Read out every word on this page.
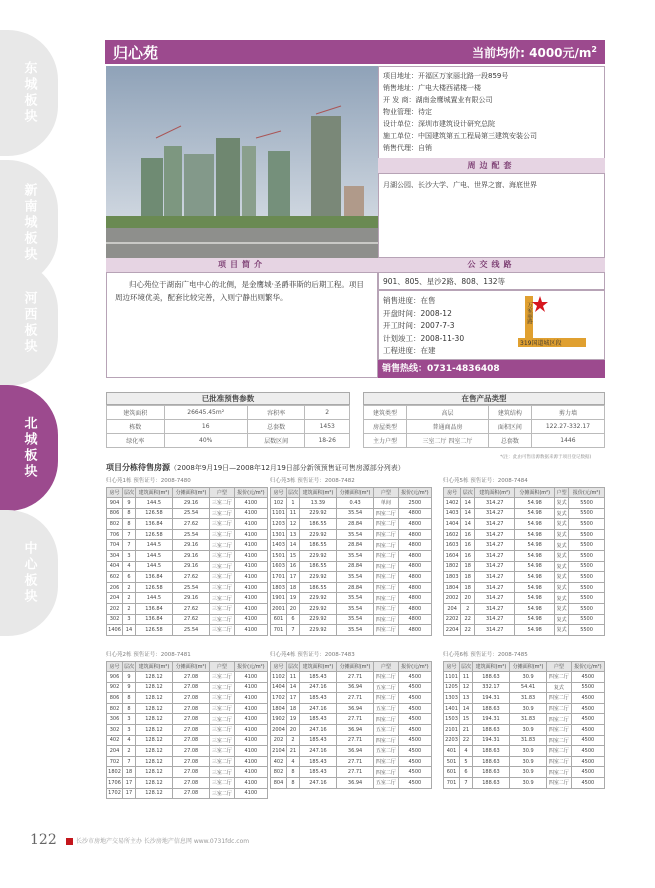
东城板块
新南城板块
河西板块
北城板块
中心板块
归心苑	当前均价: 4000元$/m^2$
项目地址：开福区万家丽北路一段859号
销售地址：广电大楼西裙楼一楼
开 发 商：湖南金鹰城置业有限公司
物业管理：待定
设计单位：深圳市建筑设计研究总院
施工单位：中国建筑第五工程局第三建筑安装公司
销售代理：自销
周边配套
月湖公园、长沙大学、广电、世界之窗、海底世界
项目简介
归心苑位于湖南广电中心的北侧，是金鹰城·圣爵菲斯的后期工程。项目周边环境优美，配套比较完善，入则宁静出则繁华。
公交线路
901、805、星沙2路、808、132等
销售进度：在售
开盘时间：2008-12
开工时间：2007-7-3
计划竣工：2008-11-30
工程进度：在建
万家丽路
319国道城区段
销售热线：0731-4836408
已批准预售参数
建筑面积	26645.45m²	容积率	2
栋数	16	总套数	1453
绿化率	40%	层数区间	18-26
在售产品类型
建筑类型	高层	建筑结构	剪力墙
房屋类型	普通商品房	面积区间	122.27-332.17
主力户型	三室二厅 四室二厅	总套数	1446
*(注：此由可售房源数据来源于项目登记数据)
项目分栋待售房源（2008年9月19日—2008年12月19日部分新领预售证可售房源部分列表）
归心苑1栋 预售证号：2008-7480
房号	层次	建筑面积(m²)	分摊面积(m²)	户型	报价(元/m²)
904	9	144.5	29.16	三室二厅	4100
806	8	126.58	25.54	三室二厅	4100
802	8	136.84	27.62	三室二厅	4100
706	7	126.58	25.54	三室二厅	4100
704	7	144.5	29.16	三室二厅	4100
304	3	144.5	29.16	三室二厅	4100
404	4	144.5	29.16	三室二厅	4100
602	6	136.84	27.62	三室二厅	4100
206	2	126.58	25.54	三室二厅	4100
204	2	144.5	29.16	三室二厅	4100
202	2	136.84	27.62	三室二厅	4100
302	3	136.84	27.62	三室二厅	4100
1406	14	126.58	25.54	三室二厅	4100
归心苑3栋 预售证号：2008-7482
房号	层次	建筑面积(m²)	分摊面积(m²)	户型	报价(元/m²)
102	1	13.39	0.43	单间	2500
1101	11	229.92	35.54	四室二厅	4800
1203	12	186.55	28.84	四室二厅	4800
1301	13	229.92	35.54	四室二厅	4800
1403	14	186.55	28.84	四室二厅	4800
1501	15	229.92	35.54	四室二厅	4800
1603	16	186.55	28.84	四室二厅	4800
1701	17	229.92	35.54	四室二厅	4800
1803	18	186.55	28.84	四室二厅	4800
1901	19	229.92	35.54	四室二厅	4800
2001	20	229.92	35.54	四室二厅	4800
601	6	229.92	35.54	四室二厅	4800
701	7	229.92	35.54	四室二厅	4800
归心苑5栋 预售证号：2008-7484
房号	层次	建筑面积(m²)	分摊面积(m²)	户型	报价(元/m²)
1402	14	314.27	54.98	复式	5500
1403	14	314.27	54.98	复式	5500
1404	14	314.27	54.98	复式	5500
1602	16	314.27	54.98	复式	5500
1603	16	314.27	54.98	复式	5500
1604	16	314.27	54.98	复式	5500
1802	18	314.27	54.98	复式	5500
1803	18	314.27	54.98	复式	5500
1804	18	314.27	54.98	复式	5500
2002	20	314.27	54.98	复式	5500
204	2	314.27	54.98	复式	5500
2202	22	314.27	54.98	复式	5500
2204	22	314.27	54.98	复式	5500
归心苑2栋 预售证号：2008-7481
房号	层次	建筑面积(m²)	分摊面积(m²)	户型	报价(元/m²)
906	9	128.12	27.08	三室二厅	4100
902	9	128.12	27.08	三室二厅	4100
806	8	128.12	27.08	三室二厅	4100
802	8	128.12	27.08	三室二厅	4100
306	3	128.12	27.08	三室二厅	4100
302	3	128.12	27.08	三室二厅	4100
402	4	128.12	27.08	三室二厅	4100
204	2	128.12	27.08	三室二厅	4100
702	7	128.12	27.08	三室二厅	4100
1802	18	128.12	27.08	三室二厅	4100
1706	17	128.12	27.08	三室二厅	4100
1702	17	128.12	27.08	三室二厅	4100
归心苑4栋 预售证号：2008-7483
房号	层次	建筑面积(m²)	分摊面积(m²)	户型	报价(元/m²)
1102	11	185.43	27.71	四室二厅	4500
1404	14	247.16	36.94	五室二厅	4500
1702	17	185.43	27.71	四室二厅	4500
1804	18	247.16	36.94	五室二厅	4500
1902	19	185.43	27.71	四室二厅	4500
2004	20	247.16	36.94	五室二厅	4500
202	2	185.43	27.71	四室二厅	4500
2104	21	247.16	36.94	五室二厅	4500
402	4	185.43	27.71	四室二厅	4500
802	8	185.43	27.71	四室二厅	4500
804	8	247.16	36.94	五室二厅	4500
归心苑6栋 预售证号：2008-7485
房号	层次	建筑面积(m²)	分摊面积(m²)	户型	报价(元/m²)
1101	11	188.63	30.9	四室二厅	4500
1205	12	332.17	54.41	复式	5500
1303	13	194.31	31.83	四室二厅	4500
1401	14	188.63	30.9	四室二厅	4500
1503	15	194.31	31.83	四室二厅	4500
2101	21	188.63	30.9	四室二厅	4500
2203	22	194.31	31.83	四室二厅	4500
401	4	188.63	30.9	四室二厅	4500
501	5	188.63	30.9	四室二厅	4500
601	6	188.63	30.9	四室二厅	4500
701	7	188.63	30.9	四室二厅	4500
122	长沙市房地产交易所主办 长沙房地产信息网 www.0731fdc.com
